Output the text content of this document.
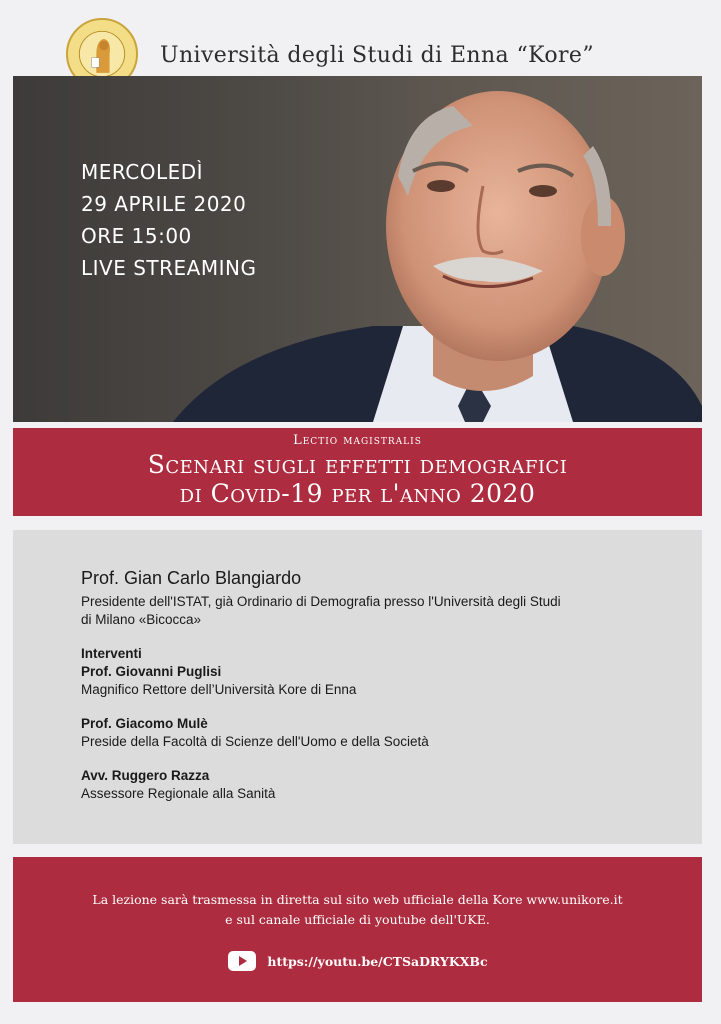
Università degli Studi di Enna “Kore”
MERCOLEDÌ
29 APRILE 2020
ORE 15:00
LIVE STREAMING
Lectio magistralis
Scenari sugli effetti demografici
di Covid-19 per l'anno 2020
Prof. Gian Carlo Blangiardo
Presidente dell'ISTAT, già Ordinario di Demografia presso l'Università degli Studi
di Milano «Bicocca»
Interventi
Prof. Giovanni Puglisi
Magnifico Rettore dell’Università Kore di Enna
Prof. Giacomo Mulè
Preside della Facoltà di Scienze dell'Uomo e della Società
Avv. Ruggero Razza
Assessore Regionale alla Sanità
La lezione sarà trasmessa in diretta sul sito web ufficiale della Kore www.unikore.it
e sul canale ufficiale di youtube dell'UKE.
https://youtu.be/CTSaDRYKXBc
